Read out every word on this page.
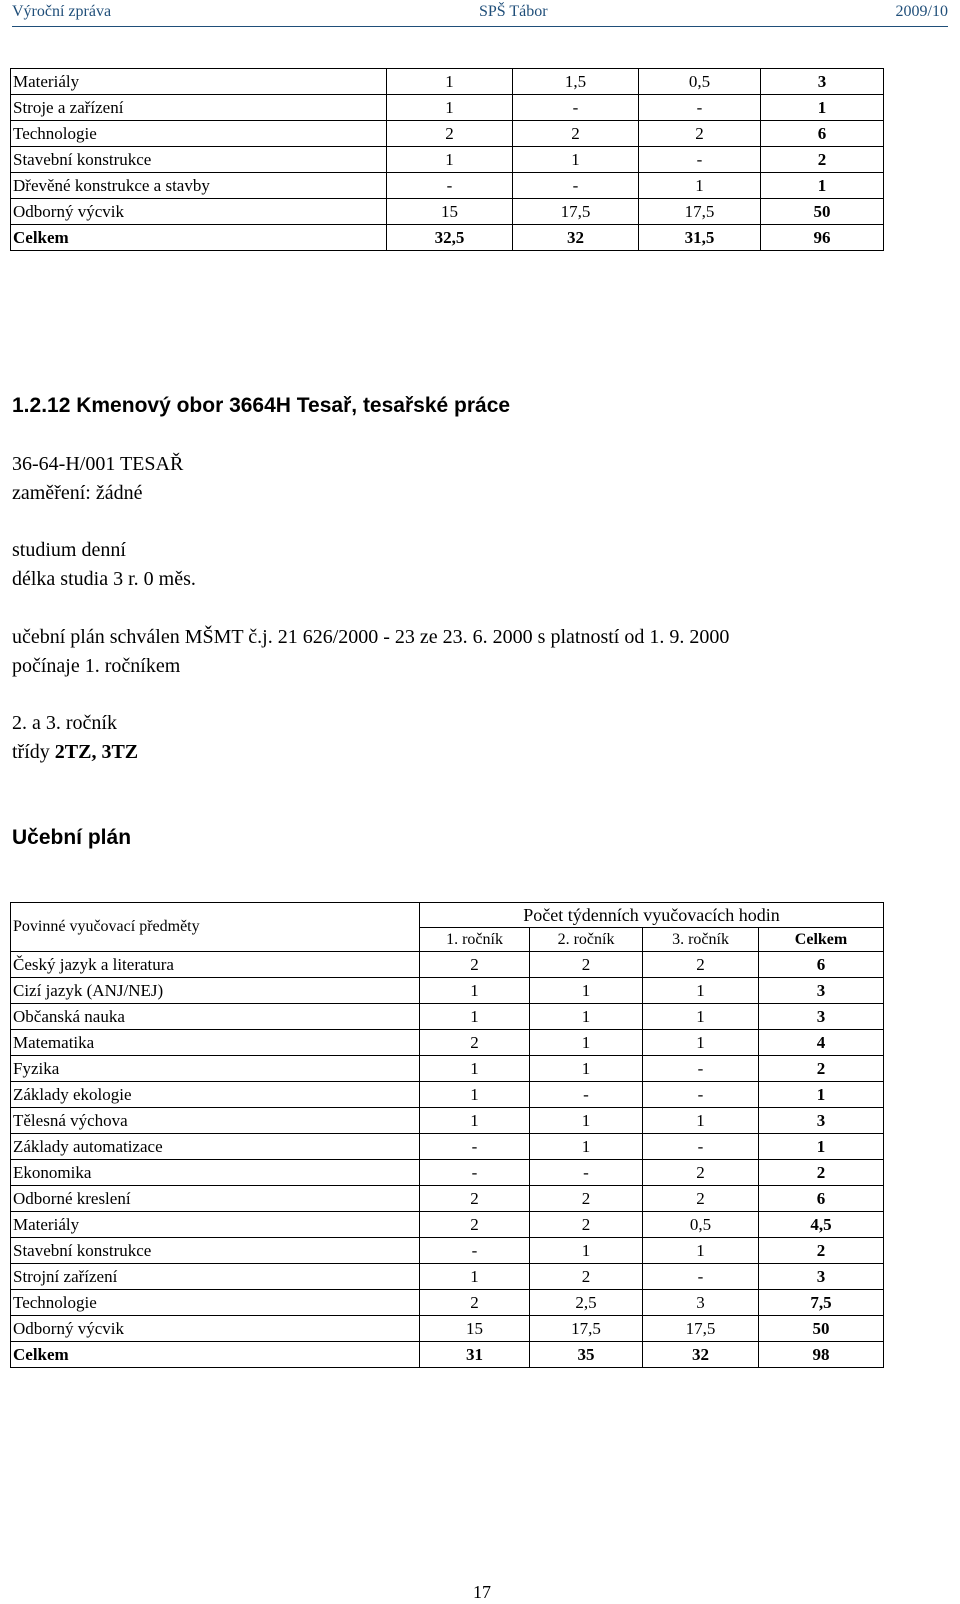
Výroční zpráva	SPŠ Tábor	2009/10
Materiály	1	1,5	0,5	3
Stroje a zařízení	1	-	-	1
Technologie	2	2	2	6
Stavební konstrukce	1	1	-	2
Dřevěné konstrukce a stavby	-	-	1	1
Odborný výcvik	15	17,5	17,5	50
Celkem	32,5	32	31,5	96
1.2.12 Kmenový obor 3664H Tesař, tesařské práce
36-64-H/001 TESAŘ
zaměření: žádné
studium denní
délka studia 3 r. 0 měs.
učební plán schválen MŠMT č.j. 21 626/2000 - 23 ze 23. 6. 2000 s platností od 1. 9. 2000
počínaje 1. ročníkem
2. a 3. ročník
třídy 2TZ, 3TZ
Učební plán
Povinné vyučovací předměty	Počet týdenních vyučovacích hodin			
	1. ročník	2. ročník	3. ročník	Celkem
Český jazyk a literatura	2	2	2	6
Cizí jazyk (ANJ/NEJ)	1	1	1	3
Občanská nauka	1	1	1	3
Matematika	2	1	1	4
Fyzika	1	1	-	2
Základy ekologie	1	-	-	1
Tělesná výchova	1	1	1	3
Základy automatizace	-	1	-	1
Ekonomika	-	-	2	2
Odborné kreslení	2	2	2	6
Materiály	2	2	0,5	4,5
Stavební konstrukce	-	1	1	2
Strojní zařízení	1	2	-	3
Technologie	2	2,5	3	7,5
Odborný výcvik	15	17,5	17,5	50
Celkem	31	35	32	98
17
